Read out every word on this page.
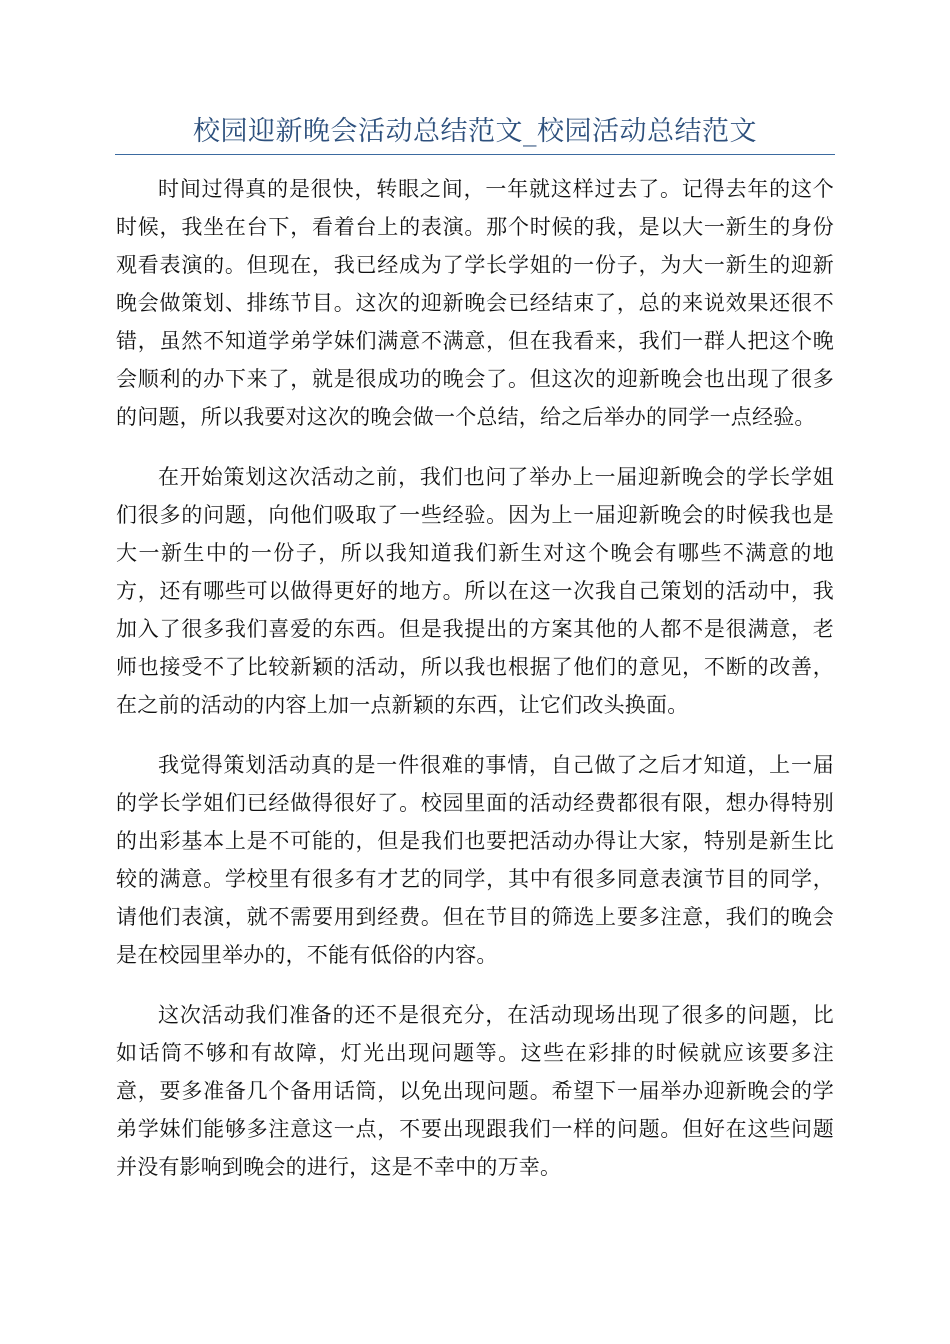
校园迎新晚会活动总结范文_校园活动总结范文

时间过得真的是很快，转眼之间，一年就这样过去了。记得去年的这个时候，我坐在台下，看着台上的表演。那个时候的我，是以大一新生的身份观看表演的。但现在，我已经成为了学长学姐的一份子，为大一新生的迎新晚会做策划、排练节目。这次的迎新晚会已经结束了，总的来说效果还很不错，虽然不知道学弟学妹们满意不满意，但在我看来，我们一群人把这个晚会顺利的办下来了，就是很成功的晚会了。但这次的迎新晚会也出现了很多的问题，所以我要对这次的晚会做一个总结，给之后举办的同学一点经验。

在开始策划这次活动之前，我们也问了举办上一届迎新晚会的学长学姐们很多的问题，向他们吸取了一些经验。因为上一届迎新晚会的时候我也是大一新生中的一份子，所以我知道我们新生对这个晚会有哪些不满意的地方，还有哪些可以做得更好的地方。所以在这一次我自己策划的活动中，我加入了很多我们喜爱的东西。但是我提出的方案其他的人都不是很满意，老师也接受不了比较新颖的活动，所以我也根据了他们的意见，不断的改善，在之前的活动的内容上加一点新颖的东西，让它们改头换面。

我觉得策划活动真的是一件很难的事情，自己做了之后才知道，上一届的学长学姐们已经做得很好了。校园里面的活动经费都很有限，想办得特别的出彩基本上是不可能的，但是我们也要把活动办得让大家，特别是新生比较的满意。学校里有很多有才艺的同学，其中有很多同意表演节目的同学，请他们表演，就不需要用到经费。但在节目的筛选上要多注意，我们的晚会是在校园里举办的，不能有低俗的内容。

这次活动我们准备的还不是很充分，在活动现场出现了很多的问题，比如话筒不够和有故障，灯光出现问题等。这些在彩排的时候就应该要多注意，要多准备几个备用话筒，以免出现问题。希望下一届举办迎新晚会的学弟学妹们能够多注意这一点，不要出现跟我们一样的问题。但好在这些问题并没有影响到晚会的进行，这是不幸中的万幸。
